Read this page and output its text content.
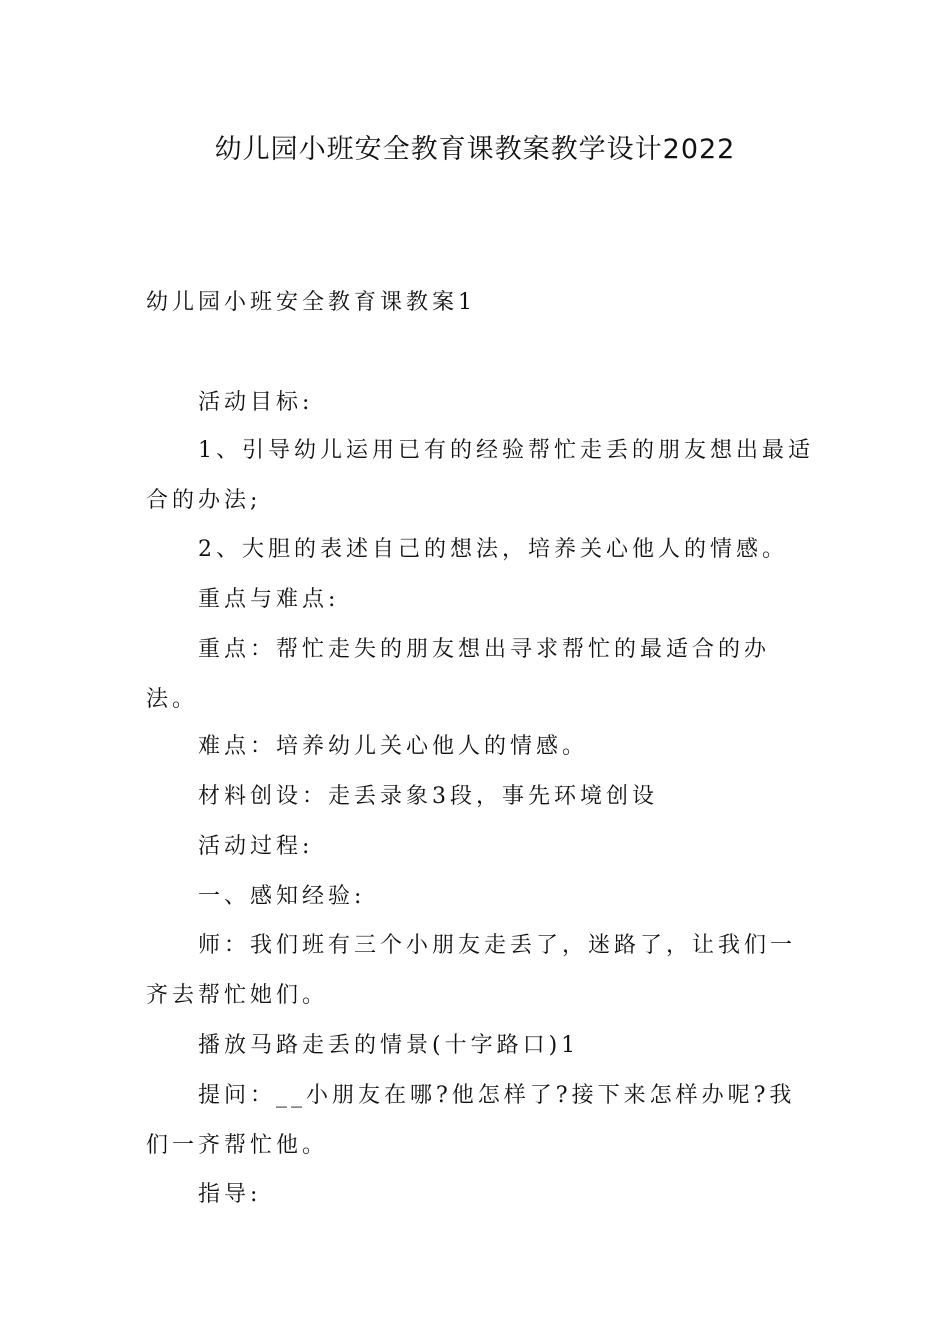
幼儿园小班安全教育课教案教学设计2022
幼儿园小班安全教育课教案1
活动目标:
1、引导幼儿运用已有的经验帮忙走丢的朋友想出最适合的办法;
2、大胆的表述自己的想法，培养关心他人的情感。
重点与难点:
重点：帮忙走失的朋友想出寻求帮忙的最适合的办法。
难点：培养幼儿关心他人的情感。
材料创设：走丢录象3段，事先环境创设
活动过程:
一、感知经验:
师：我们班有三个小朋友走丢了，迷路了，让我们一齐去帮忙她们。
播放马路走丢的情景(十字路口)1
提问：__小朋友在哪?他怎样了?接下来怎样办呢?我们一齐帮忙他。
指导:
